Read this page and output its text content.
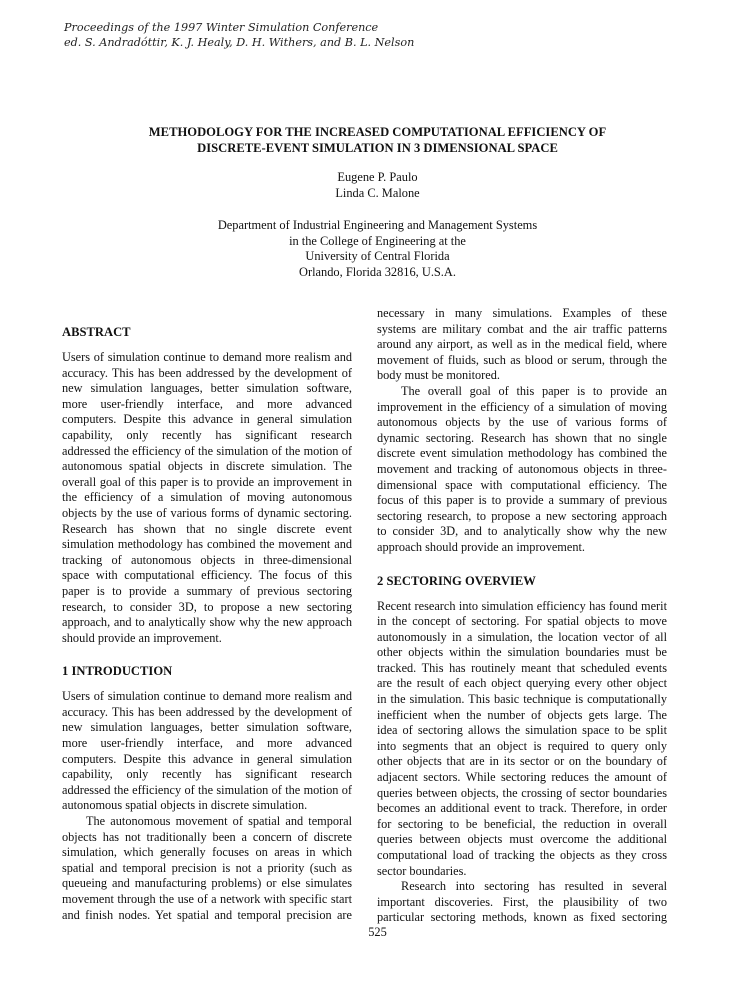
Proceedings of the 1997 Winter Simulation Conference
ed. S. Andradóttir, K. J. Healy, D. H. Withers, and B. L. Nelson
METHODOLOGY FOR THE INCREASED COMPUTATIONAL EFFICIENCY OF
DISCRETE-EVENT SIMULATION IN 3 DIMENSIONAL SPACE
Eugene P. Paulo
Linda C. Malone
Department of Industrial Engineering and Management Systems
in the College of Engineering at the
University of Central Florida
Orlando, Florida 32816, U.S.A.
ABSTRACT
Users of simulation continue to demand more realism and
accuracy. This has been addressed by the development of
new simulation languages, better simulation software,
more user-friendly interface, and more advanced
computers. Despite this advance in general simulation
capability, only recently has significant research
addressed the efficiency of the simulation of the motion of
autonomous spatial objects in discrete simulation. The
overall goal of this paper is to provide an improvement in
the efficiency of a simulation of moving autonomous
objects by the use of various forms of dynamic sectoring.
Research has shown that no single discrete event
simulation methodology has combined the movement and
tracking of autonomous objects in three-dimensional
space with computational efficiency. The focus of this
paper is to provide a summary of previous sectoring
research, to consider 3D, to propose a new sectoring
approach, and to analytically show why the new approach
should provide an improvement.
1 INTRODUCTION
Users of simulation continue to demand more realism and
accuracy. This has been addressed by the development of
new simulation languages, better simulation software,
more user-friendly interface, and more advanced
computers. Despite this advance in general simulation
capability, only recently has significant research
addressed the efficiency of the simulation of the motion of
autonomous spatial objects in discrete simulation.
The autonomous movement of spatial and temporal
objects has not traditionally been a concern of discrete
simulation, which generally focuses on areas in which
spatial and temporal precision is not a priority (such as
queueing and manufacturing problems) or else simulates
movement through the use of a network with specific start
and finish nodes. Yet spatial and temporal precision are
necessary in many simulations. Examples of these
systems are military combat and the air traffic patterns
around any airport, as well as in the medical field, where
movement of fluids, such as blood or serum, through the
body must be monitored.
The overall goal of this paper is to provide an
improvement in the efficiency of a simulation of moving
autonomous objects by the use of various forms of
dynamic sectoring. Research has shown that no single
discrete event simulation methodology has combined the
movement and tracking of autonomous objects in three-
dimensional space with computational efficiency. The
focus of this paper is to provide a summary of previous
sectoring research, to propose a new sectoring approach
to consider 3D, and to analytically show why the new
approach should provide an improvement.
2 SECTORING OVERVIEW
Recent research into simulation efficiency has found merit
in the concept of sectoring. For spatial objects to move
autonomously in a simulation, the location vector of all
other objects within the simulation boundaries must be
tracked. This has routinely meant that scheduled events
are the result of each object querying every other object
in the simulation. This basic technique is computationally
inefficient when the number of objects gets large. The
idea of sectoring allows the simulation space to be split
into segments that an object is required to query only
other objects that are in its sector or on the boundary of
adjacent sectors. While sectoring reduces the amount of
queries between objects, the crossing of sector boundaries
becomes an additional event to track. Therefore, in order
for sectoring to be beneficial, the reduction in overall
queries between objects must overcome the additional
computational load of tracking the objects as they cross
sector boundaries.
Research into sectoring has resulted in several
important discoveries. First, the plausibility of two
particular sectoring methods, known as fixed sectoring
525
